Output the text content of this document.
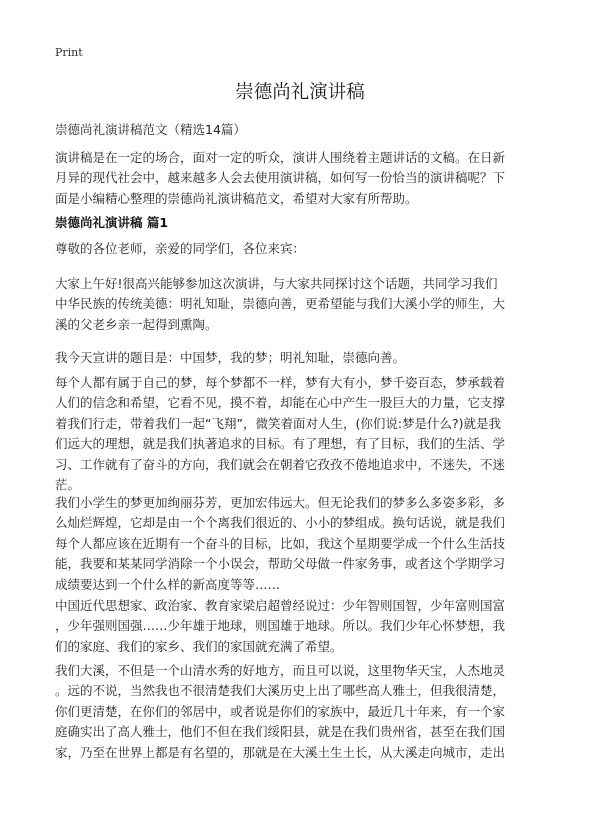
Print
崇德尚礼演讲稿
崇德尚礼演讲稿范文（精选14篇）

演讲稿是在一定的场合，面对一定的听众，演讲人围绕着主题讲话的文稿。在日新
月异的现代社会中，越来越多人会去使用演讲稿，如何写一份恰当的演讲稿呢？下
面是小编精心整理的崇德尚礼演讲稿范文，希望对大家有所帮助。

崇德尚礼演讲稿 篇1

尊敬的各位老师，亲爱的同学们，各位来宾：

大家上午好!很高兴能够参加这次演讲，与大家共同探讨这个话题，共同学习我们
中华民族的传统美德：明礼知耻，崇德向善，更希望能与我们大溪小学的师生，大
溪的父老乡亲一起得到熏陶。

我今天宣讲的题目是：中国梦，我的梦；明礼知耻，崇德向善。

每个人都有属于自己的梦，每个梦都不一样，梦有大有小，梦千姿百态，梦承载着
人们的信念和希望，它看不见，摸不着，却能在心中产生一股巨大的力量，它支撑
着我们行走，带着我们一起“飞翔”，微笑着面对人生，(你们说:梦是什么?)就是我
们远大的理想，就是我们执著追求的目标。有了理想，有了目标，我们的生活、学
习、工作就有了奋斗的方向，我们就会在朝着它孜孜不倦地追求中，不迷失，不迷
茫。

我们小学生的梦更加绚丽芬芳，更加宏伟远大。但无论我们的梦多么多姿多彩，多
么灿烂辉煌，它却是由一个个离我们很近的、小小的梦组成。换句话说，就是我们
每个人都应该在近期有一个奋斗的目标，比如，我这个星期要学成一个什么生活技
能，我要和某某同学消除一个小误会，帮助父母做一件家务事，或者这个学期学习
成绩要达到一个什么样的新高度等等……

中国近代思想家、政治家、教育家梁启超曾经说过：少年智则国智，少年富则国富
，少年强则国强……少年雄于地球，则国雄于地球。所以。我们少年心怀梦想，我
们的家庭、我们的家乡、我们的家国就充满了希望。

我们大溪，不但是一个山清水秀的好地方，而且可以说，这里物华天宝，人杰地灵
。远的不说，当然我也不很清楚我们大溪历史上出了哪些高人雅士，但我很清楚，
你们更清楚，在你们的邻居中，或者说是你们的家族中，最近几十年来，有一个家
庭确实出了高人雅士，他们不但在我们绥阳县，就是在我们贵州省，甚至在我们国
家，乃至在世界上都是有名望的，那就是在大溪土生土长，从大溪走向城市，走出
